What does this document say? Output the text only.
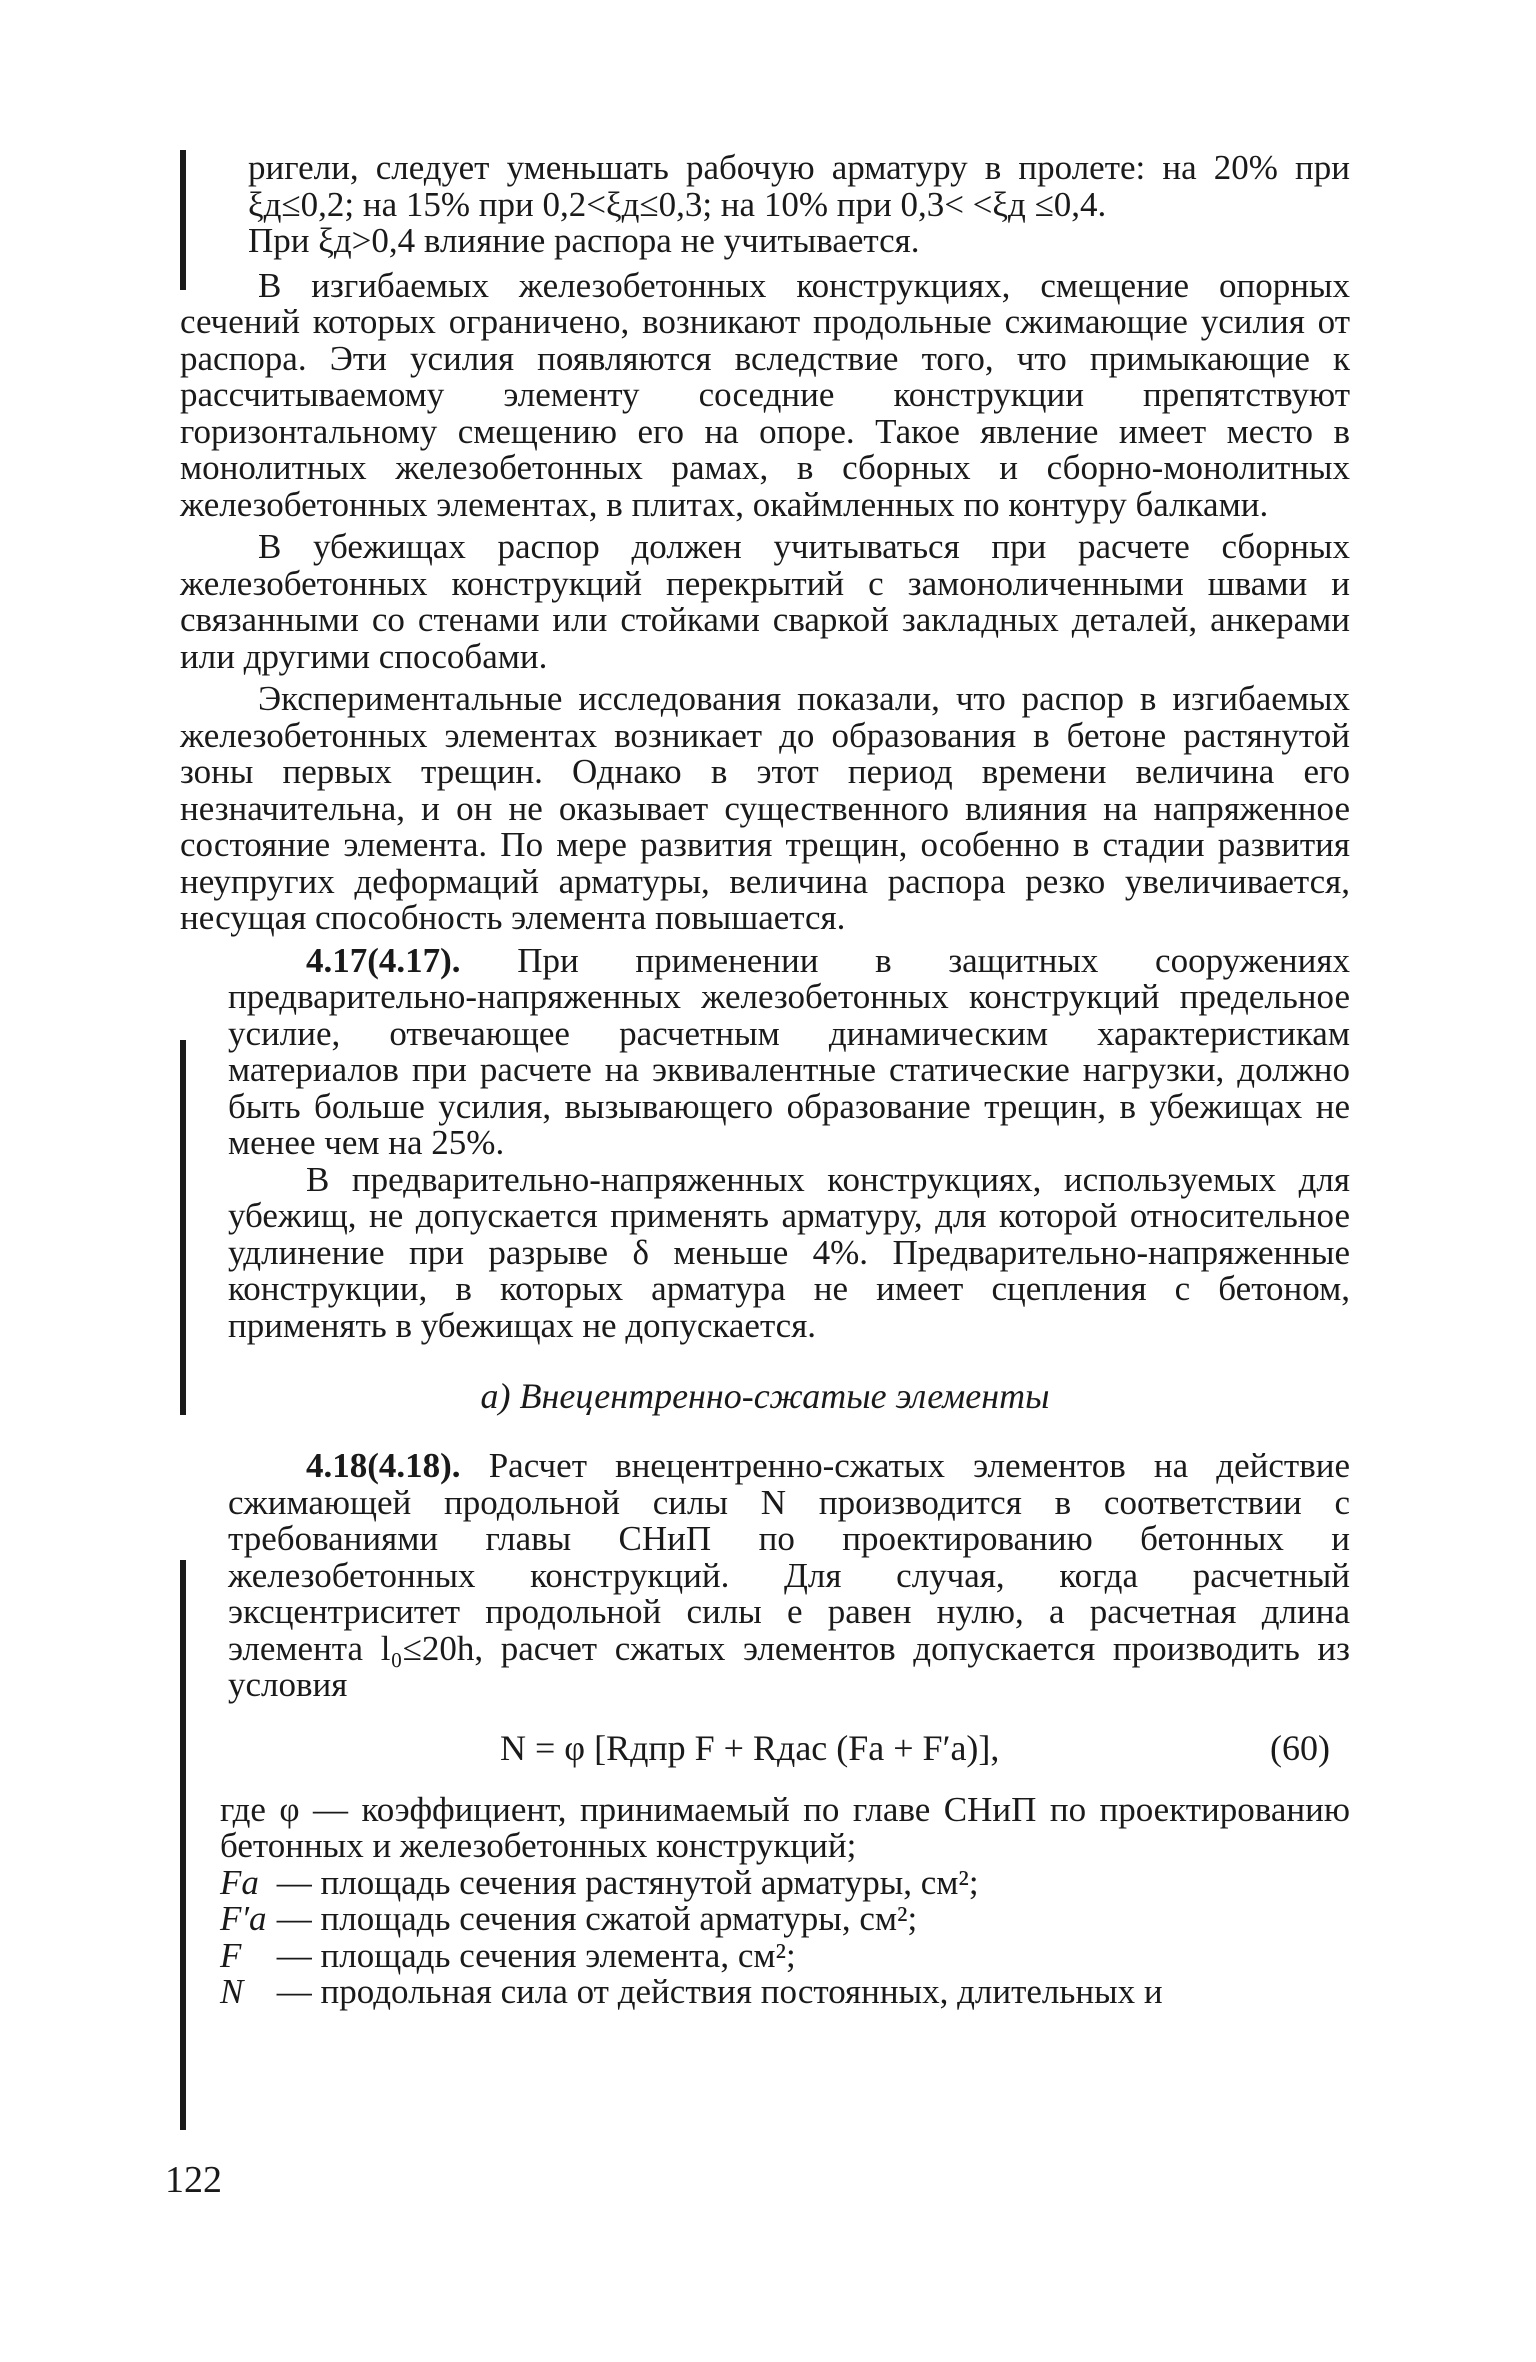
ригели, следует уменьшать рабочую арматуру в пролете: на 20% при ξд≤0,2; на 15% при 0,2<ξд≤0,3; на 10% при 0,3< <ξд ≤0,4.

При ξд>0,4 влияние распора не учитывается.

В изгибаемых железобетонных конструкциях, смещение опорных сечений которых ограничено, возникают продольные сжимающие усилия от распора. Эти усилия появляются вследствие того, что примыкающие к рассчитываемому элементу соседние конструкции препятствуют горизонтальному смещению его на опоре. Такое явление имеет место в монолитных железобетонных рамах, в сборных и сборно-монолитных железобетонных элементах, в плитах, окаймленных по контуру балками.

В убежищах распор должен учитываться при расчете сборных железобетонных конструкций перекрытий с замоноличенными швами и связанными со стенами или стойками сваркой закладных деталей, анкерами или другими способами.

Экспериментальные исследования показали, что распор в изгибаемых железобетонных элементах возникает до образования в бетоне растянутой зоны первых трещин. Однако в этот период времени величина его незначительна, и он не оказывает существенного влияния на напряженное состояние элемента. По мере развития трещин, особенно в стадии развития неупругих деформаций арматуры, величина распора резко увеличивается, несущая способность элемента повышается.

4.17(4.17). При применении в защитных сооружениях предварительно-напряженных железобетонных конструкций предельное усилие, отвечающее расчетным динамическим характеристикам материалов при расчете на эквивалентные статические нагрузки, должно быть больше усилия, вызывающего образование трещин, в убежищах не менее чем на 25%.

В предварительно-напряженных конструкциях, используемых для убежищ, не допускается применять арматуру, для которой относительное удлинение при разрыве δ меньше 4%. Предварительно-напряженные конструкции, в которых арматура не имеет сцепления с бетоном, применять в убежищах не допускается.

а) Внецентренно-сжатые элементы

4.18(4.18). Расчет внецентренно-сжатых элементов на действие сжимающей продольной силы N производится в соответствии с требованиями главы СНиП по проектированию бетонных и железобетонных конструкций. Для случая, когда расчетный эксцентриситет продольной силы e равен нулю, а расчетная длина элемента l₀≤20h, расчет сжатых элементов допускается производить из условия

N = φ [Rдпр F + Rдас (Fа + F′а)],	(60)

где φ — коэффициент, принимаемый по главе СНиП по проектированию бетонных и железобетонных конструкций;

Fа — площадь сечения растянутой арматуры, см²;
F′а — площадь сечения сжатой арматуры, см²;
F — площадь сечения элемента, см²;
N — продольная сила от действия постоянных, длительных и
122
